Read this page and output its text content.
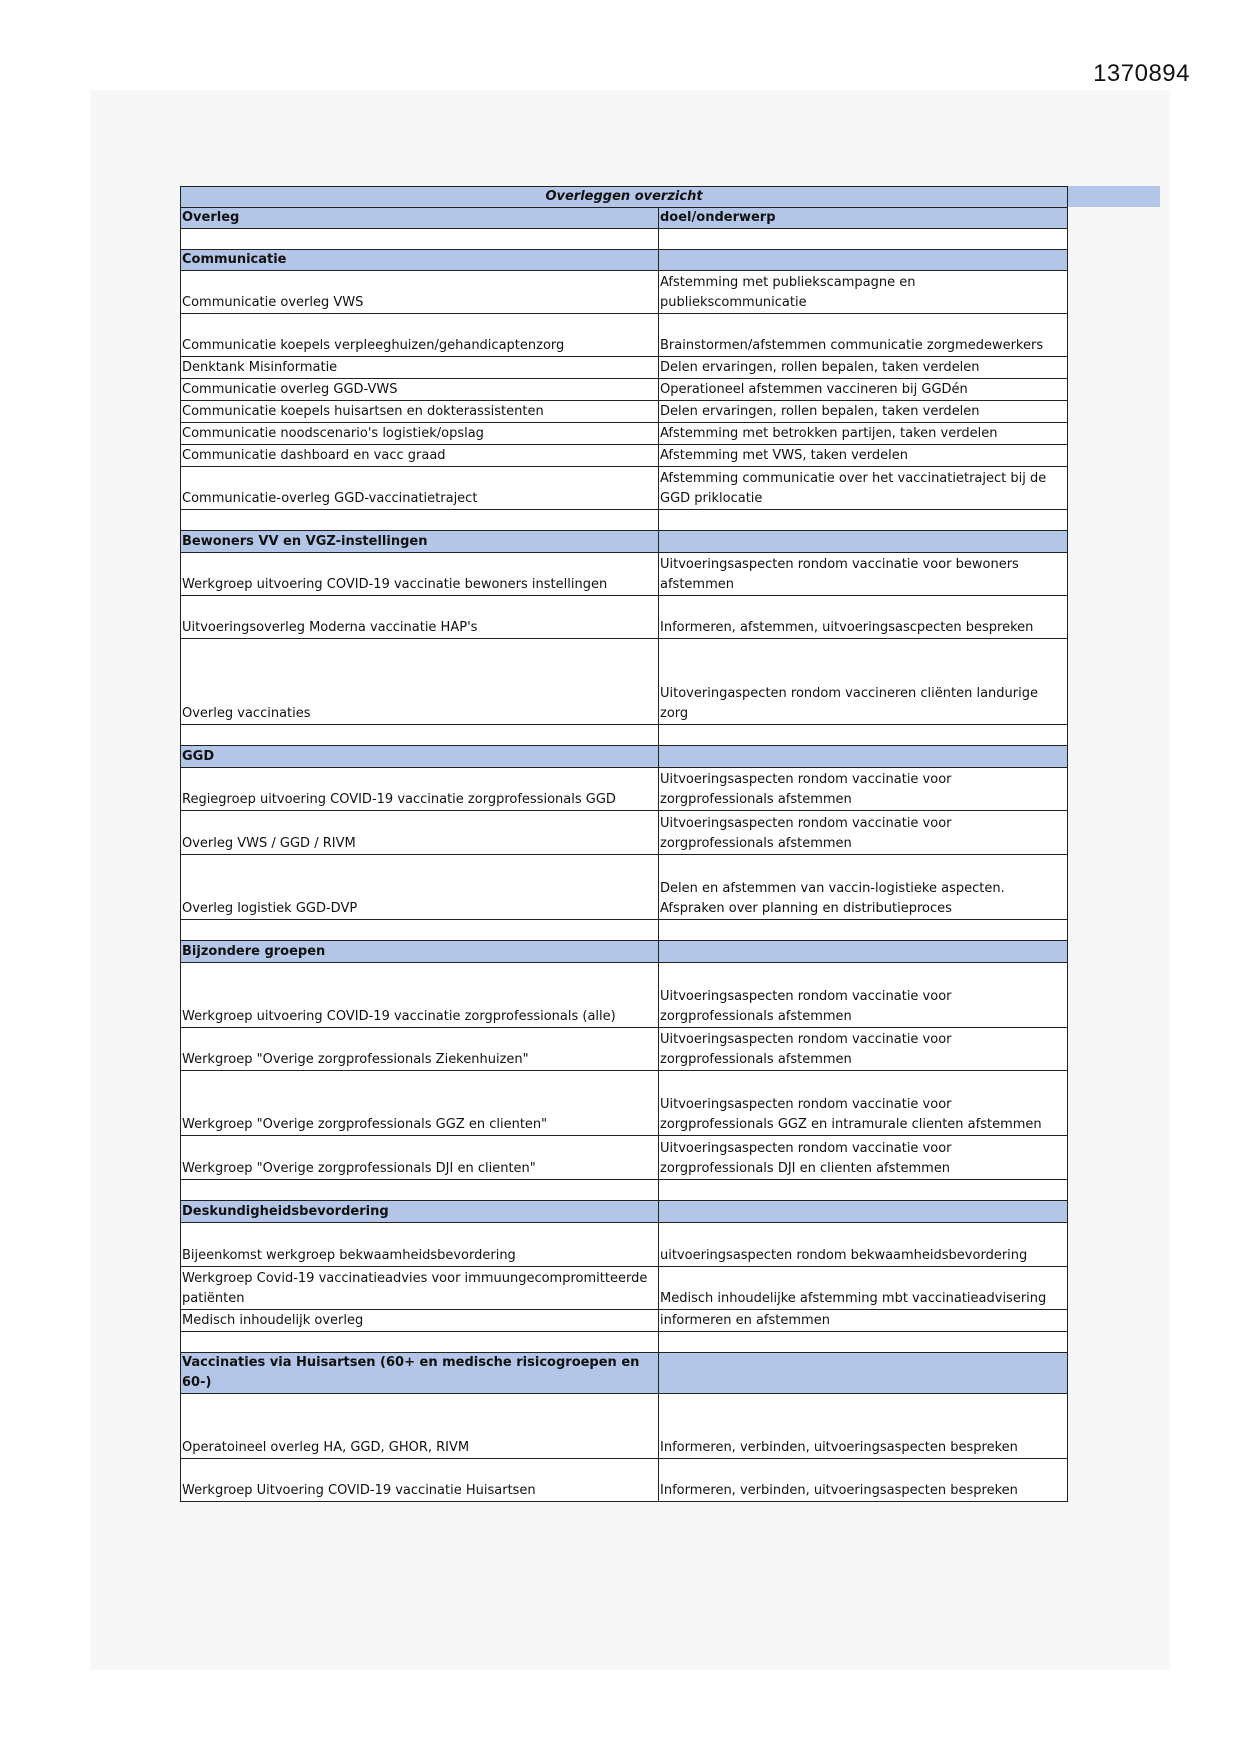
1370894
Overleggen overzicht	
Overleg	doel/onderwerp

Communicatie	
Communicatie overleg VWS	Afstemming met publiekscampagne en publiekscommunicatie
Communicatie koepels verpleeghuizen/gehandicaptenzorg	Brainstormen/afstemmen communicatie zorgmedewerkers
Denktank Misinformatie	Delen ervaringen, rollen bepalen, taken verdelen
Communicatie overleg GGD-VWS	Operationeel afstemmen vaccineren bij GGDén
Communicatie koepels huisartsen en dokterassistenten	Delen ervaringen, rollen bepalen, taken verdelen
Communicatie noodscenario's logistiek/opslag	Afstemming met betrokken partijen, taken verdelen
Communicatie dashboard en vacc graad	Afstemming met VWS, taken verdelen
Communicatie-overleg GGD-vaccinatietraject	Afstemming communicatie over het vaccinatietraject bij de GGD priklocatie

Bewoners VV en VGZ-instellingen	
Werkgroep uitvoering COVID-19 vaccinatie bewoners instellingen	Uitvoeringsaspecten rondom vaccinatie voor bewoners afstemmen
Uitvoeringsoverleg Moderna vaccinatie HAP's	Informeren, afstemmen, uitvoeringsascpecten bespreken
Overleg vaccinaties	Uitoveringaspecten rondom vaccineren cliënten landurige zorg

GGD	
Regiegroep uitvoering COVID-19 vaccinatie zorgprofessionals GGD	Uitvoeringsaspecten rondom vaccinatie voor zorgprofessionals afstemmen
Overleg VWS / GGD / RIVM	Uitvoeringsaspecten rondom vaccinatie voor zorgprofessionals afstemmen
Overleg logistiek GGD-DVP	Delen en afstemmen van vaccin-logistieke aspecten. Afspraken over planning en distributieproces

Bijzondere groepen	
Werkgroep uitvoering COVID-19 vaccinatie zorgprofessionals (alle)	Uitvoeringsaspecten rondom vaccinatie voor zorgprofessionals afstemmen
Werkgroep "Overige zorgprofessionals Ziekenhuizen"	Uitvoeringsaspecten rondom vaccinatie voor zorgprofessionals afstemmen
Werkgroep "Overige zorgprofessionals GGZ en clienten"	Uitvoeringsaspecten rondom vaccinatie voor zorgprofessionals GGZ en intramurale clienten afstemmen
Werkgroep "Overige zorgprofessionals DJI en clienten"	Uitvoeringsaspecten rondom vaccinatie voor zorgprofessionals DJI en clienten afstemmen

Deskundigheidsbevordering	
Bijeenkomst werkgroep bekwaamheidsbevordering	uitvoeringsaspecten rondom bekwaamheidsbevordering
Werkgroep Covid-19 vaccinatieadvies voor immuungecompromitteerde patiënten	Medisch inhoudelijke afstemming mbt vaccinatieadvisering
Medisch inhoudelijk overleg	informeren en afstemmen

Vaccinaties via Huisartsen (60+ en medische risicogroepen en 60-)	
Operatoineel overleg HA, GGD, GHOR, RIVM	Informeren, verbinden, uitvoeringsaspecten bespreken
Werkgroep Uitvoering COVID-19 vaccinatie Huisartsen	Informeren, verbinden, uitvoeringsaspecten bespreken
